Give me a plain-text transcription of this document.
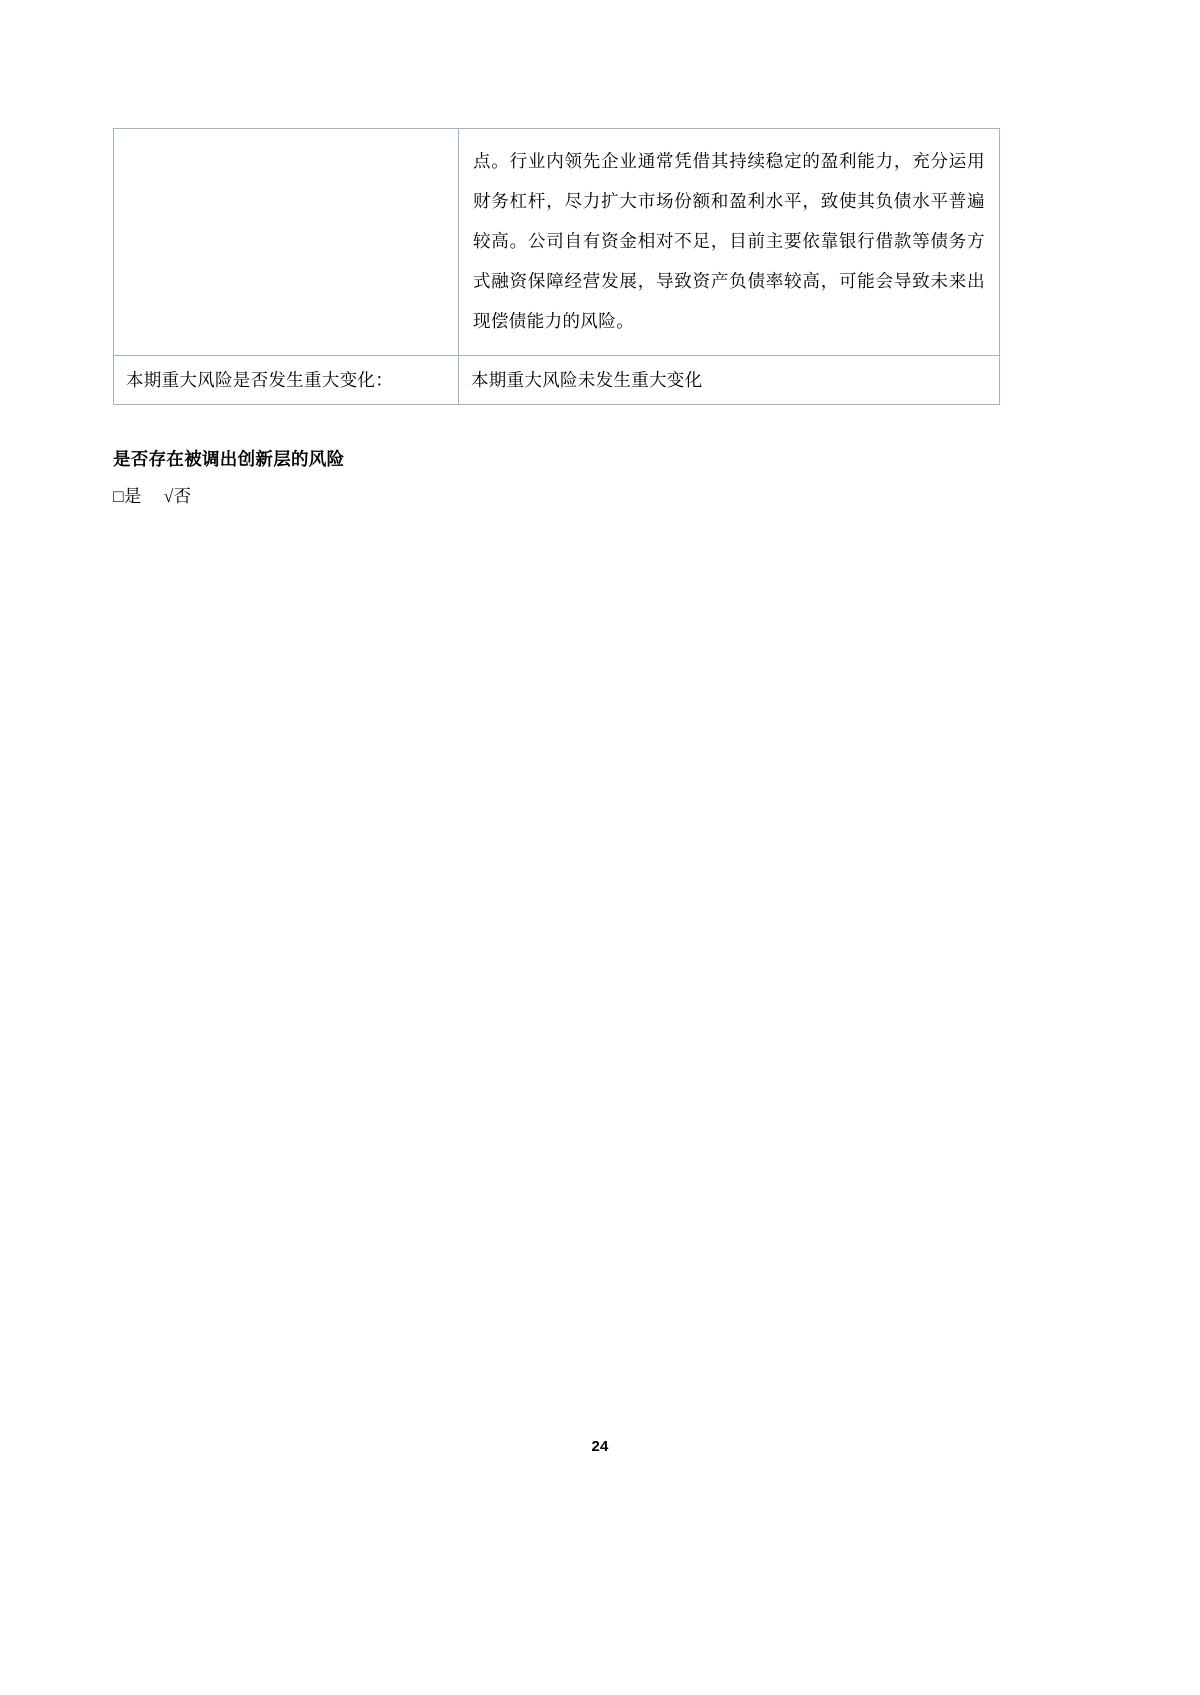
	点。行业内领先企业通常凭借其持续稳定的盈利能力，充分运用财务杠杆，尽力扩大市场份额和盈利水平，致使其负债水平普遍较高。公司自有资金相对不足，目前主要依靠银行借款等债务方式融资保障经营发展，导致资产负债率较高，可能会导致未来出现偿债能力的风险。

本期重大风险是否发生重大变化：	本期重大风险未发生重大变化
是否存在被调出创新层的风险
□是 √否
24
